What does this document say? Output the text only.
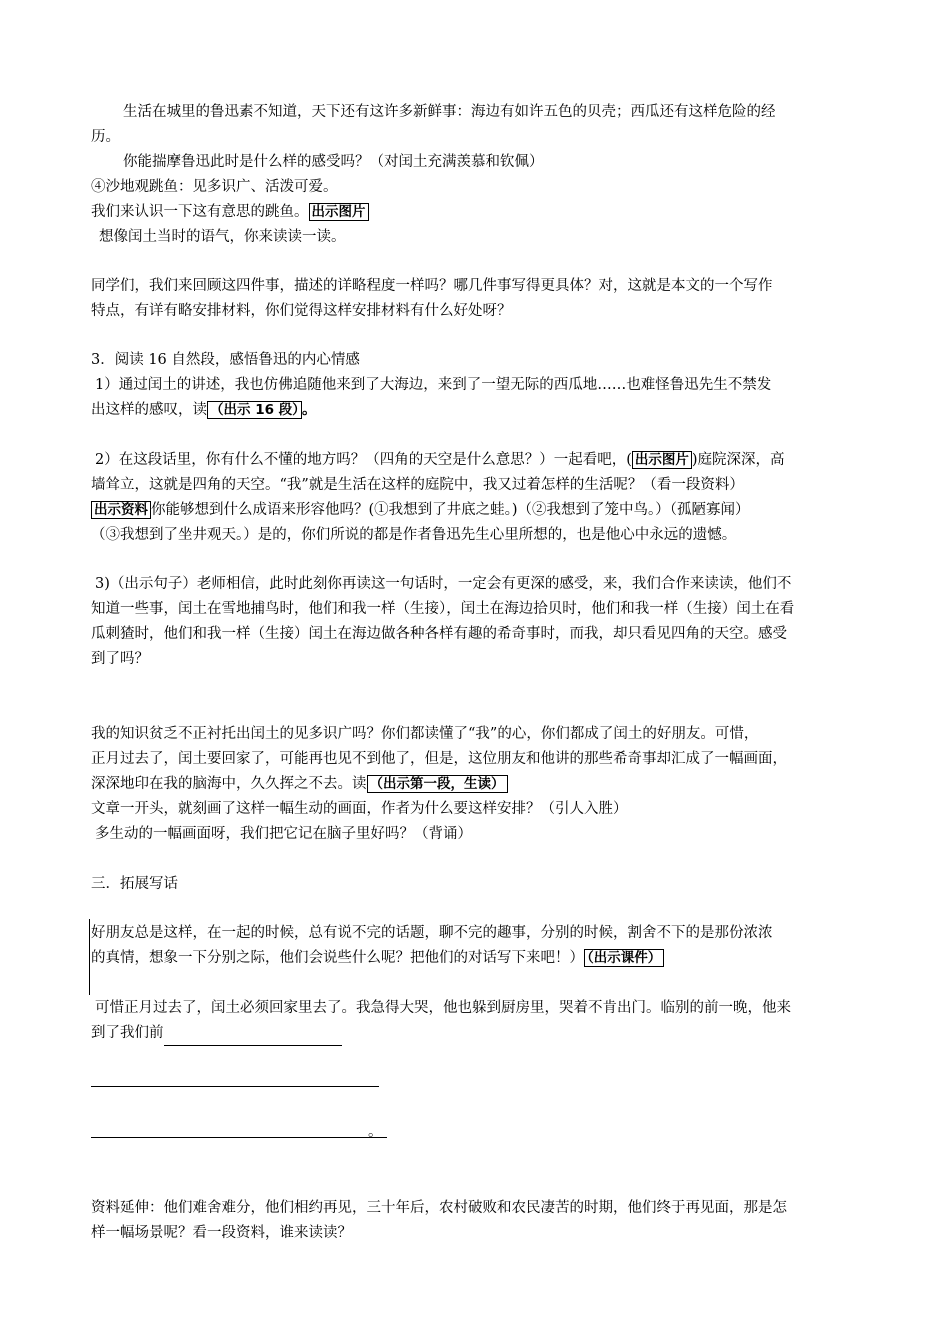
生活在城里的鲁迅素不知道，天下还有这许多新鲜事：海边有如许五色的贝壳；西瓜还有这样危险的经
历。
你能揣摩鲁迅此时是什么样的感受吗？（对闰土充满羡慕和钦佩）
④沙地观跳鱼：见多识广、活泼可爱。
我们来认识一下这有意思的跳鱼。 出示图片
想像闰土当时的语气，你来读读一读。
同学们，我们来回顾这四件事，描述的详略程度一样吗？哪几件事写得更具体？对，这就是本文的一个写作
特点，有详有略安排材料，你们觉得这样安排材料有什么好处呀？
3．阅读 16 自然段，感悟鲁迅的内心情感
1）通过闰土的讲述，我也仿佛追随他来到了大海边，来到了一望无际的西瓜地……也难怪鲁迅先生不禁发
出这样的感叹，读 （出示 16 段） 。
2）在这段话里，你有什么不懂的地方吗？（四角的天空是什么意思？）一起看吧，( 出示图片 )庭院深深，高
墙耸立，这就是四角的天空。“我”就是生活在这样的庭院中，我又过着怎样的生活呢？（看一段资料）
出示资料 你能够想到什么成语来形容他吗？(①我想到了井底之蛙。)（②我想到了笼中鸟。）（孤陋寡闻）
（③我想到了坐井观天。）是的，你们所说的都是作者鲁迅先生心里所想的，也是他心中永远的遗憾。
3)（出示句子）老师相信，此时此刻你再读这一句话时，一定会有更深的感受，来，我们合作来读读，他们不
知道一些事，闰土在雪地捕鸟时，他们和我一样（生接），闰土在海边拾贝时，他们和我一样（生接）闰土在看
瓜刺猹时，他们和我一样（生接）闰土在海边做各种各样有趣的希奇事时，而我，却只看见四角的天空。感受
到了吗？
我的知识贫乏不正衬托出闰土的见多识广吗？你们都读懂了“我”的心，你们都成了闰土的好朋友。可惜，
正月过去了，闰土要回家了，可能再也见不到他了，但是，这位朋友和他讲的那些希奇事却汇成了一幅画面，
深深地印在我的脑海中，久久挥之不去。读 （出示第一段，生读）
文章一开头，就刻画了这样一幅生动的画面，作者为什么要这样安排？（引人入胜）
多生动的一幅画面呀，我们把它记在脑子里好吗？（背诵）
三．拓展写话
好朋友总是这样，在一起的时候，总有说不完的话题，聊不完的趣事，分别的时候，割舍不下的是那份浓浓
的真情，想象一下分别之际，他们会说些什么呢？把他们的对话写下来吧！） （出示课件）
可惜正月过去了，闰土必须回家里去了。我急得大哭，他也躲到厨房里，哭着不肯出门。临别的前一晚，他来
到了我们前
。
资料延伸：他们难舍难分，他们相约再见，三十年后，农村破败和农民凄苦的时期，他们终于再见面，那是怎
样一幅场景呢？看一段资料，谁来读读？
